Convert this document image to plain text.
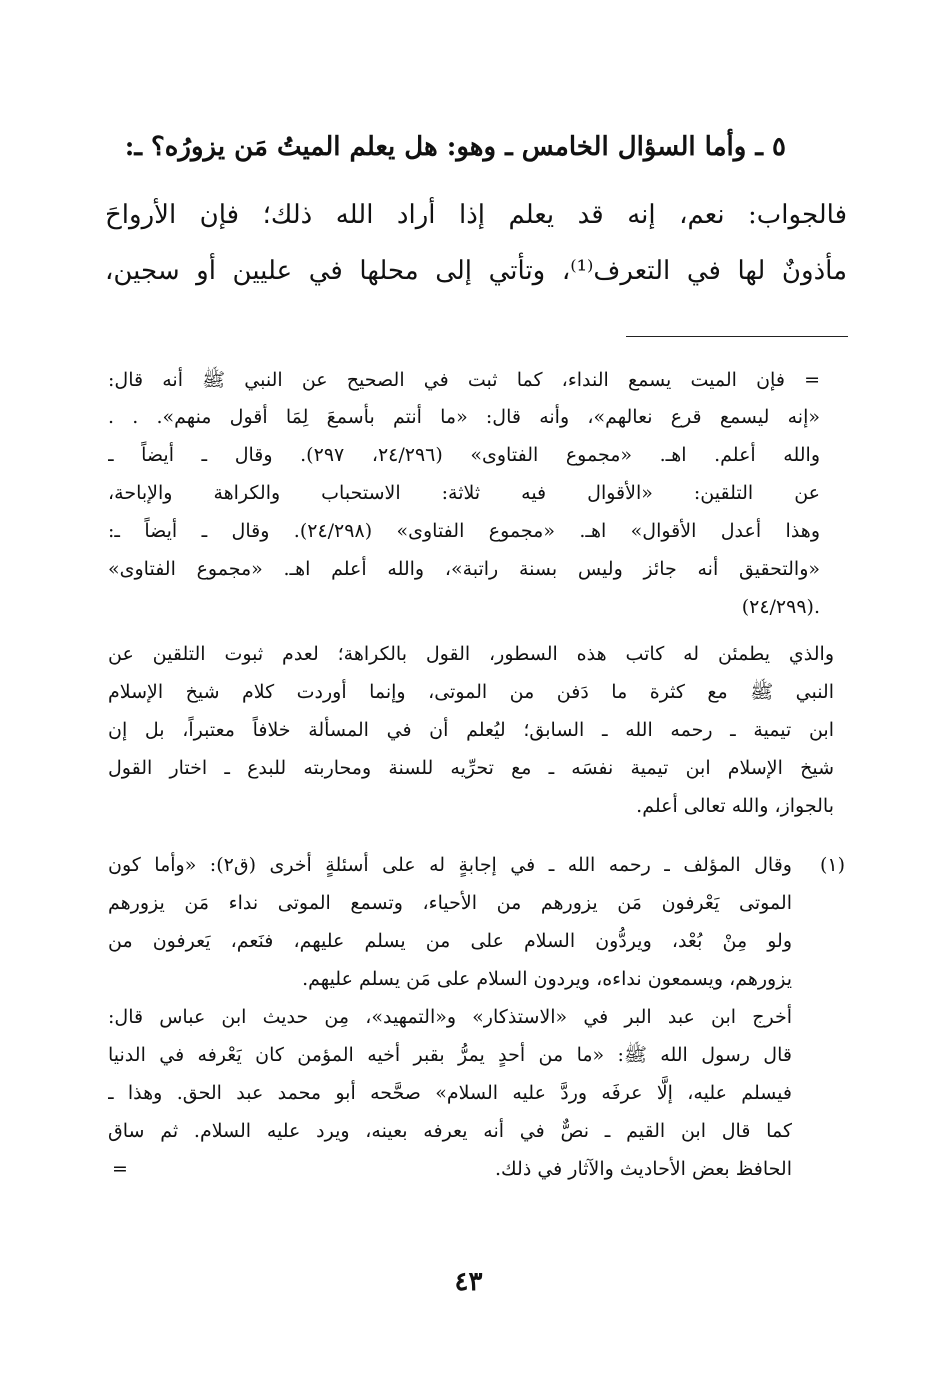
٥ ـ وأما السؤال الخامس ـ وهو: هل يعلم الميتُ مَن يزورُه؟ ـ:
فالجواب: نعم، إنه قد يعلم إذا أراد الله ذلك؛ فإن الأرواحَ
مأذونٌ لها في التعرف⁽¹⁾، وتأتي إلى محلها في عليين أو سجين،
= فإن الميت يسمع النداء، كما ثبت في الصحيح عن النبي ﷺ أنه قال:
«إنه ليسمع قرع نعالهم»، وأنه قال: «ما أنتم بأسمعَ لِمَا أقول منهم». . .
والله أعلم. اهـ. «مجموع الفتاوى» (٢٤/٢٩٦، ٢٩٧). وقال ـ أيضاً ـ
عن التلقين: «الأقوال فيه ثلاثة: الاستحباب والكراهة والإباحة،
وهذا أعدل الأقوال» اهـ. «مجموع الفتاوى» (٢٤/٢٩٨). وقال ـ أيضاً ـ:
«والتحقيق أنه جائز وليس بسنة راتبة»، والله أعلم اهـ. «مجموع الفتاوى»
(٢٤/٢٩٩).
والذي يطمئن له كاتب هذه السطور، القول بالكراهة؛ لعدم ثبوت التلقين عن
النبي ﷺ مع كثرة ما دَفن من الموتى، وإنما أوردت كلام شيخ الإسلام
ابن تيمية ـ رحمه الله ـ السابق؛ ليُعلم أن في المسألة خلافاً معتبراً، بل إن
شيخ الإسلام ابن تيمية نفسَه ـ مع تحرِّيه للسنة ومحاربته للبدع ـ اختار القول
بالجواز، والله تعالى أعلم.
(١)
وقال المؤلف ـ رحمه الله ـ في إجابةٍ له على أسئلةٍ أخرى (ق٢): «وأما كون
الموتى يَعْرفون مَن يزورهم من الأحياء، وتسمع الموتى نداء مَن يزورهم
ولو مِنْ بُعْد، ويردُّون السلام على من يسلم عليهم، فنَعم، يَعرفون من
يزورهم، ويسمعون نداءه، ويردون السلام على مَن يسلم عليهم.
أخرج ابن عبد البر في «الاستذكار» و«التمهيد»، مِن حديث ابن عباس قال:
قال رسول الله ﷺ: «ما من أحدٍ يمرُّ بقبر أخيه المؤمن كان يَعْرفه في الدنيا
فيسلم عليه، إلَّا عرفَه وردَّ عليه السلام» صحَّحه أبو محمد عبد الحق. وهذا ـ
كما قال ابن القيم ـ نصٌّ في أنه يعرفه بعينه، ويرد عليه السلام. ثم ساق
الحافظ بعض الأحاديث والآثار في ذلك.
=
٤٣
